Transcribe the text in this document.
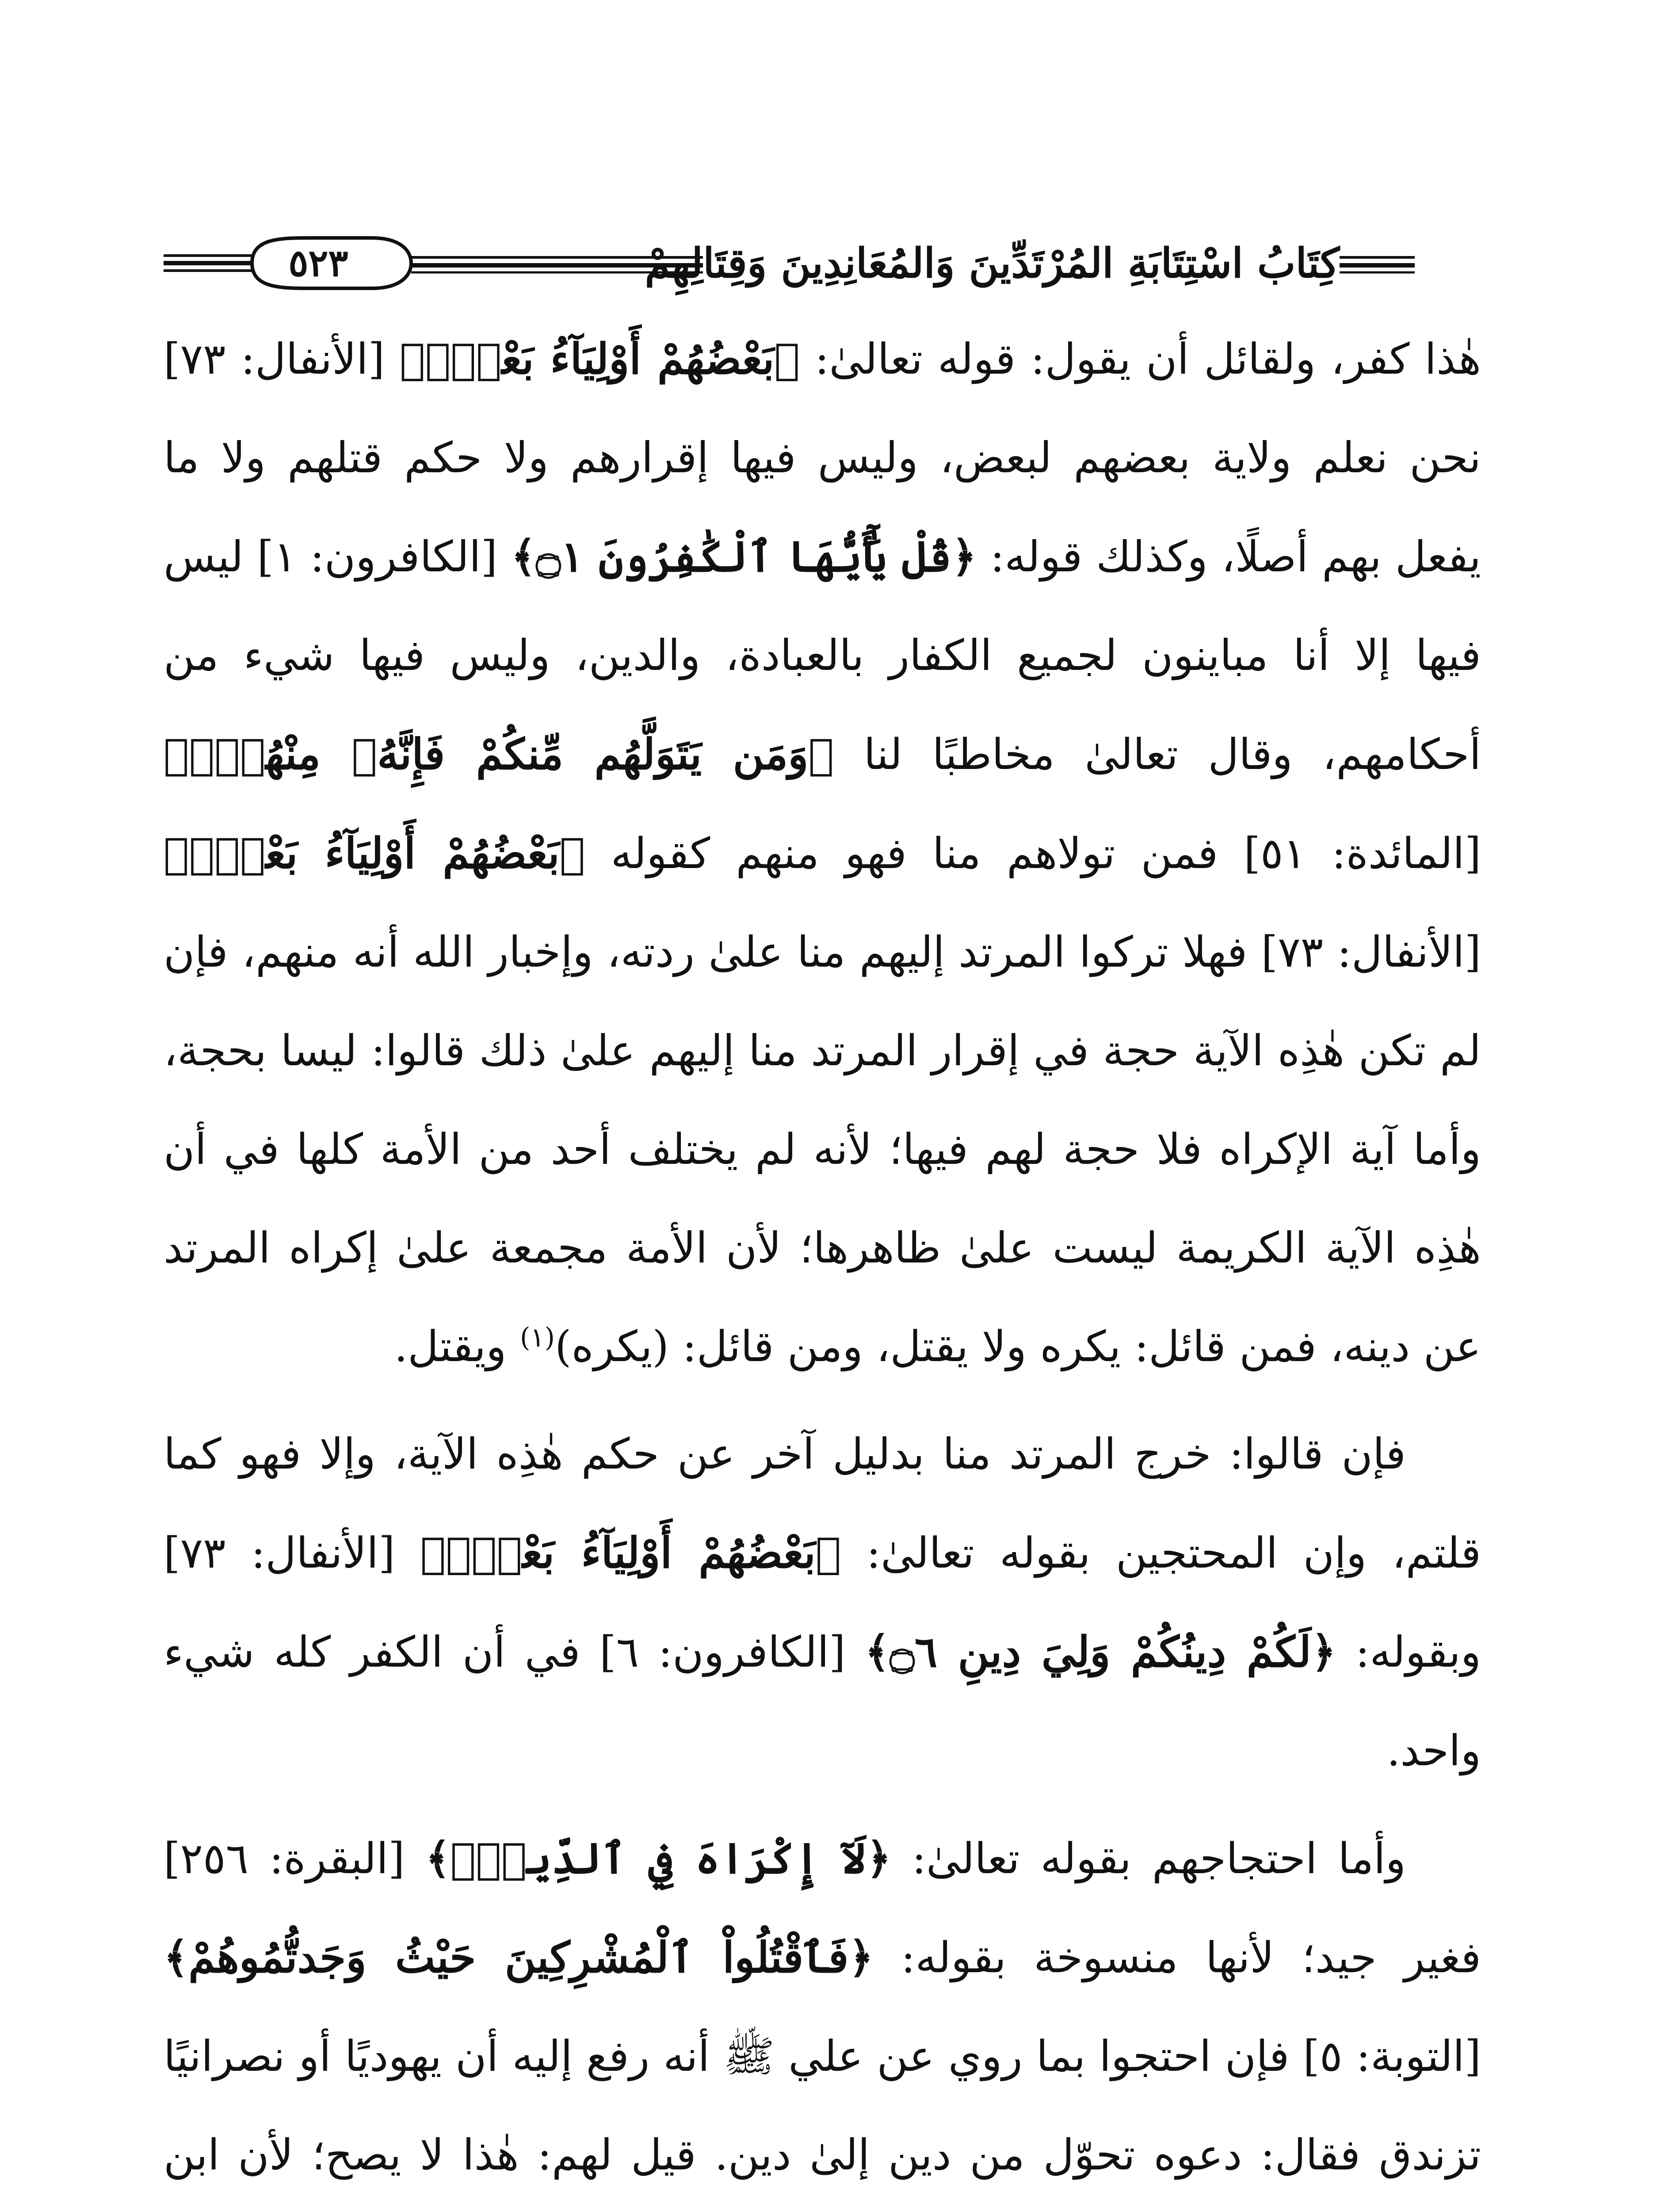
٥٢٣	كِتَابُ اسْتِتَابَةِ المُرْتَدِّينَ وَالمُعَانِدِينَ وَقِتَالِهِمْ

هٰذا كفر، ولقائل أن يقول: قوله تعالىٰ: ﴿بَعْضُهُمْ أَوْلِيَآءُ بَعْضٍۚ﴾ [الأنفال: ٧٣] نحن نعلم ولاية بعضهم لبعض، وليس فيها إقرارهم ولا حكم قتلهم ولا ما يفعل بهم أصلًا، وكذلك قوله: ﴿قُلْ يَٰٓأَيُّهَا ٱلْكَٰفِرُونَ ۝١﴾ [الكافرون: ١] ليس فيها إلا أنا مباينون لجميع الكفار بالعبادة، والدين، وليس فيها شيء من أحكامهم، وقال تعالىٰ مخاطبًا لنا ﴿وَمَن يَتَوَلَّهُم مِّنكُمْ فَإِنَّهُۥ مِنْهُمْۗ﴾ [المائدة: ٥١] فمن تولاهم منا فهو منهم كقوله ﴿بَعْضُهُمْ أَوْلِيَآءُ بَعْضٍۚ﴾ [الأنفال: ٧٣] فهلا تركوا المرتد إليهم منا علىٰ ردته، وإخبار الله أنه منهم، فإن لم تكن هٰذِه الآية حجة في إقرار المرتد منا إليهم علىٰ ذلك قالوا: ليسا بحجة، وأما آية الإكراه فلا حجة لهم فيها؛ لأنه لم يختلف أحد من الأمة كلها في أن هٰذِه الآية الكريمة ليست علىٰ ظاهرها؛ لأن الأمة مجمعة علىٰ إكراه المرتد عن دينه، فمن قائل: يكره ولا يقتل، ومن قائل: (يكره)$^{(١)}$ ويقتل.

فإن قالوا: خرج المرتد منا بدليل آخر عن حكم هٰذِه الآية، وإلا فهو كما قلتم، وإن المحتجين بقوله تعالىٰ: ﴿بَعْضُهُمْ أَوْلِيَآءُ بَعْضٍۚ﴾ [الأنفال: ٧٣] وبقوله: ﴿لَكُمْ دِينُكُمْ وَلِيَ دِينِ ۝٦﴾ [الكافرون: ٦] في أن الكفر كله شيء واحد.

وأما احتجاجهم بقوله تعالىٰ: ﴿لَآ إِكْرَاهَ فِي ٱلدِّينِۖ﴾ [البقرة: ٢٥٦] فغير جيد؛ لأنها منسوخة بقوله: ﴿فَٱقْتُلُواْ ٱلْمُشْرِكِينَ حَيْثُ وَجَدتُّمُوهُمْ﴾ [التوبة: ٥] فإن احتجوا بما روي عن علي ﷺ أنه رفع إليه أن يهوديًا أو نصرانيًا تزندق فقال: دعوه تحوّل من دين إلىٰ دين. قيل لهم: هٰذا لا يصح؛ لأن ابن
